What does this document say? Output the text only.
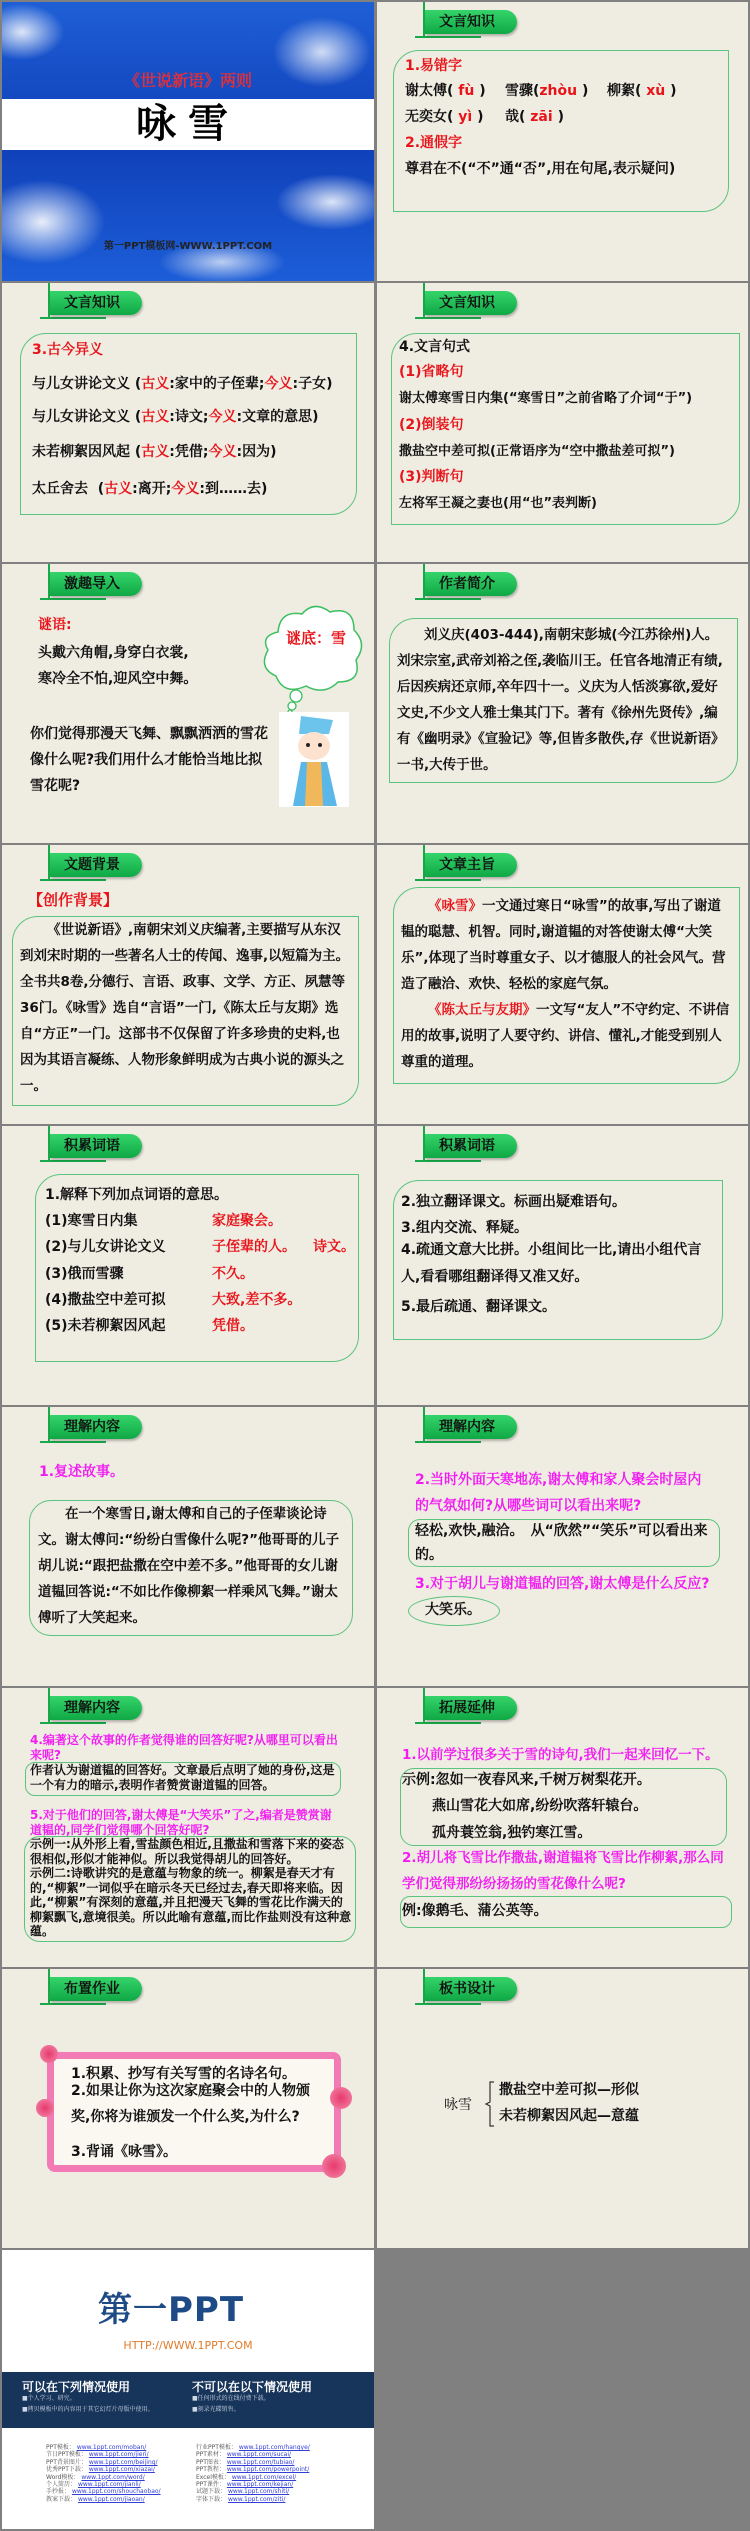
《世说新语》两则
咏雪
第一PPT模板网-WWW.1PPT.COM
文言知识
1.易错字
谢太傅( fù ) 雪骤(zhòu ) 柳絮( xù )
无奕女( yì ) 哉( zāi )
2.通假字
尊君在不(“不”通“否”,用在句尾,表示疑问)
文言知识
3.古今异义
与儿女讲论文义 ( 古义:家中的子侄辈;今义:子女)
与儿女讲论文义 ( 古义:诗文;今义:文章的意思)
未若柳絮因风起 ( 古义:凭借;今义:因为)
太丘舍去 ( 古义:离开;今义:到……去)
文言知识
4.文言句式
(1)省略句
谢太傅寒雪日内集(“寒雪日”之前省略了介词“于”)
(2)倒装句
撒盐空中差可拟(正常语序为“空中撒盐差可拟”)
(3)判断句
左将军王凝之妻也(用“也”表判断)
激趣导入
谜语:
头戴六角帽,身穿白衣裳,
寒冷全不怕,迎风空中舞。
谜底：雪
你们觉得那漫天飞舞、飘飘洒洒的雪花像什么呢?我们用什么才能恰当地比拟雪花呢?
作者简介
刘义庆(403-444),南朝宋彭城(今江苏徐州)人。刘宋宗室,武帝刘裕之侄,袭临川王。任官各地清正有绩,后因疾病还京师,卒年四十一。义庆为人恬淡寡欲,爱好文史,不少文人雅士集其门下。著有《徐州先贤传》,编有《幽明录》《宣验记》等,但皆多散佚,存《世说新语》一书,大传于世。
文题背景
【创作背景】
《世说新语》,南朝宋刘义庆编著,主要描写从东汉到刘宋时期的一些著名人士的传闻、逸事,以短篇为主。全书共8卷,分德行、言语、政事、文学、方正、夙慧等36门。《咏雪》选自“言语”一门,《陈太丘与友期》选自“方正”一门。这部书不仅保留了许多珍贵的史料,也因为其语言凝练、人物形象鲜明成为古典小说的源头之一。
文章主旨
《咏雪》一文通过寒日“咏雪”的故事,写出了谢道韫的聪慧、机智。同时,谢道韫的对答使谢太傅“大笑乐”,体现了当时尊重女子、以才德服人的社会风气。营造了融洽、欢快、轻松的家庭气氛。
《陈太丘与友期》一文写“友人”不守约定、不讲信用的故事,说明了人要守约、讲信、懂礼,才能受到别人尊重的道理。
积累词语
1.解释下列加点词语的意思。
(1)寒雪日内集	家庭聚会。
(2)与儿女讲论文义	子侄辈的人。 诗文。
(3)俄而雪骤	不久。
(4)撒盐空中差可拟	大致,差不多。
(5)未若柳絮因风起	凭借。
积累词语
2.独立翻译课文。标画出疑难语句。
3.组内交流、释疑。
4.疏通文意大比拼。小组间比一比,请出小组代言人,看看哪组翻译得又准又好。
5.最后疏通、翻译课文。
理解内容
1.复述故事。
在一个寒雪日,谢太傅和自己的子侄辈谈论诗文。谢太傅问:“纷纷白雪像什么呢?”他哥哥的儿子胡儿说:“跟把盐撒在空中差不多。”他哥哥的女儿谢道韫回答说:“不如比作像柳絮一样乘风飞舞。”谢太傅听了大笑起来。
理解内容
2.当时外面天寒地冻,谢太傅和家人聚会时屋内的气氛如何?从哪些词可以看出来呢?
轻松,欢快,融洽。　从“欣然”“笑乐”可以看出来的。
3.对于胡儿与谢道韫的回答,谢太傅是什么反应?
大笑乐。
理解内容
4.编著这个故事的作者觉得谁的回答好呢?从哪里可以看出来呢?
作者认为谢道韫的回答好。文章最后点明了她的身份,这是一个有力的暗示,表明作者赞赏谢道韫的回答。
5.对于他们的回答,谢太傅是“大笑乐”了之,编者是赞赏谢道韫的,同学们觉得哪个回答好呢?
示例一:从外形上看,雪盐颜色相近,且撒盐和雪落下来的姿态很相似,形似才能神似。所以我觉得胡儿的回答好。
示例二:诗歌讲究的是意蕴与物象的统一。柳絮是春天才有的,“柳絮”一词似乎在暗示冬天已经过去,春天即将来临。因此,“柳絮”有深刻的意蕴,并且把漫天飞舞的雪花比作满天的柳絮飘飞,意境很美。所以此喻有意蕴,而比作盐则没有这种意蕴。
拓展延伸
1.以前学过很多关于雪的诗句,我们一起来回忆一下。
示例:忽如一夜春风来,千树万树梨花开。
燕山雪花大如席,纷纷吹落轩辕台。
孤舟蓑笠翁,独钓寒江雪。
2.胡儿将飞雪比作撒盐,谢道韫将飞雪比作柳絮,那么同学们觉得那纷纷扬扬的雪花像什么呢?
例:像鹅毛、蒲公英等。
布置作业
1.积累、抄写有关写雪的名诗名句。
2.如果让你为这次家庭聚会中的人物颁奖,你将为谁颁发一个什么奖,为什么?
3.背诵《咏雪》。
板书设计
咏雪
撒盐空中差可拟—形似
未若柳絮因风起—意蕴
第一PPT
HTTP://WWW.1PPT.COM
可以在下列情况使用
■个人学习、研究。
■拷贝模板中的内容用于其它幻灯片母版中使用。
不可以在以下情况使用
■任何形式的在线付费下载。
■刻录光碟销售。
PPT模板： www.1ppt.com/moban/
节日PPT模板： www.1ppt.com/jieri/
PPT背景图片： www.1ppt.com/beijing/
优秀PPT下载： www.1ppt.com/xiazai/
Word模板： www.1ppt.com/word/
个人简历： www.1ppt.com/jianli/
手抄报： www.1ppt.com/shouchaobao/
教案下载： www.1ppt.com/jiaoan/
行业PPT模板： www.1ppt.com/hangye/
PPT素材： www.1ppt.com/sucai/
PPT图表： www.1ppt.com/tubiao/
PPT教程： www.1ppt.com/powerpoint/
Excel模板： www.1ppt.com/excel/
PPT课件： www.1ppt.com/kejian/
试题下载： www.1ppt.com/shiti/
字体下载： www.1ppt.com/ziti/
